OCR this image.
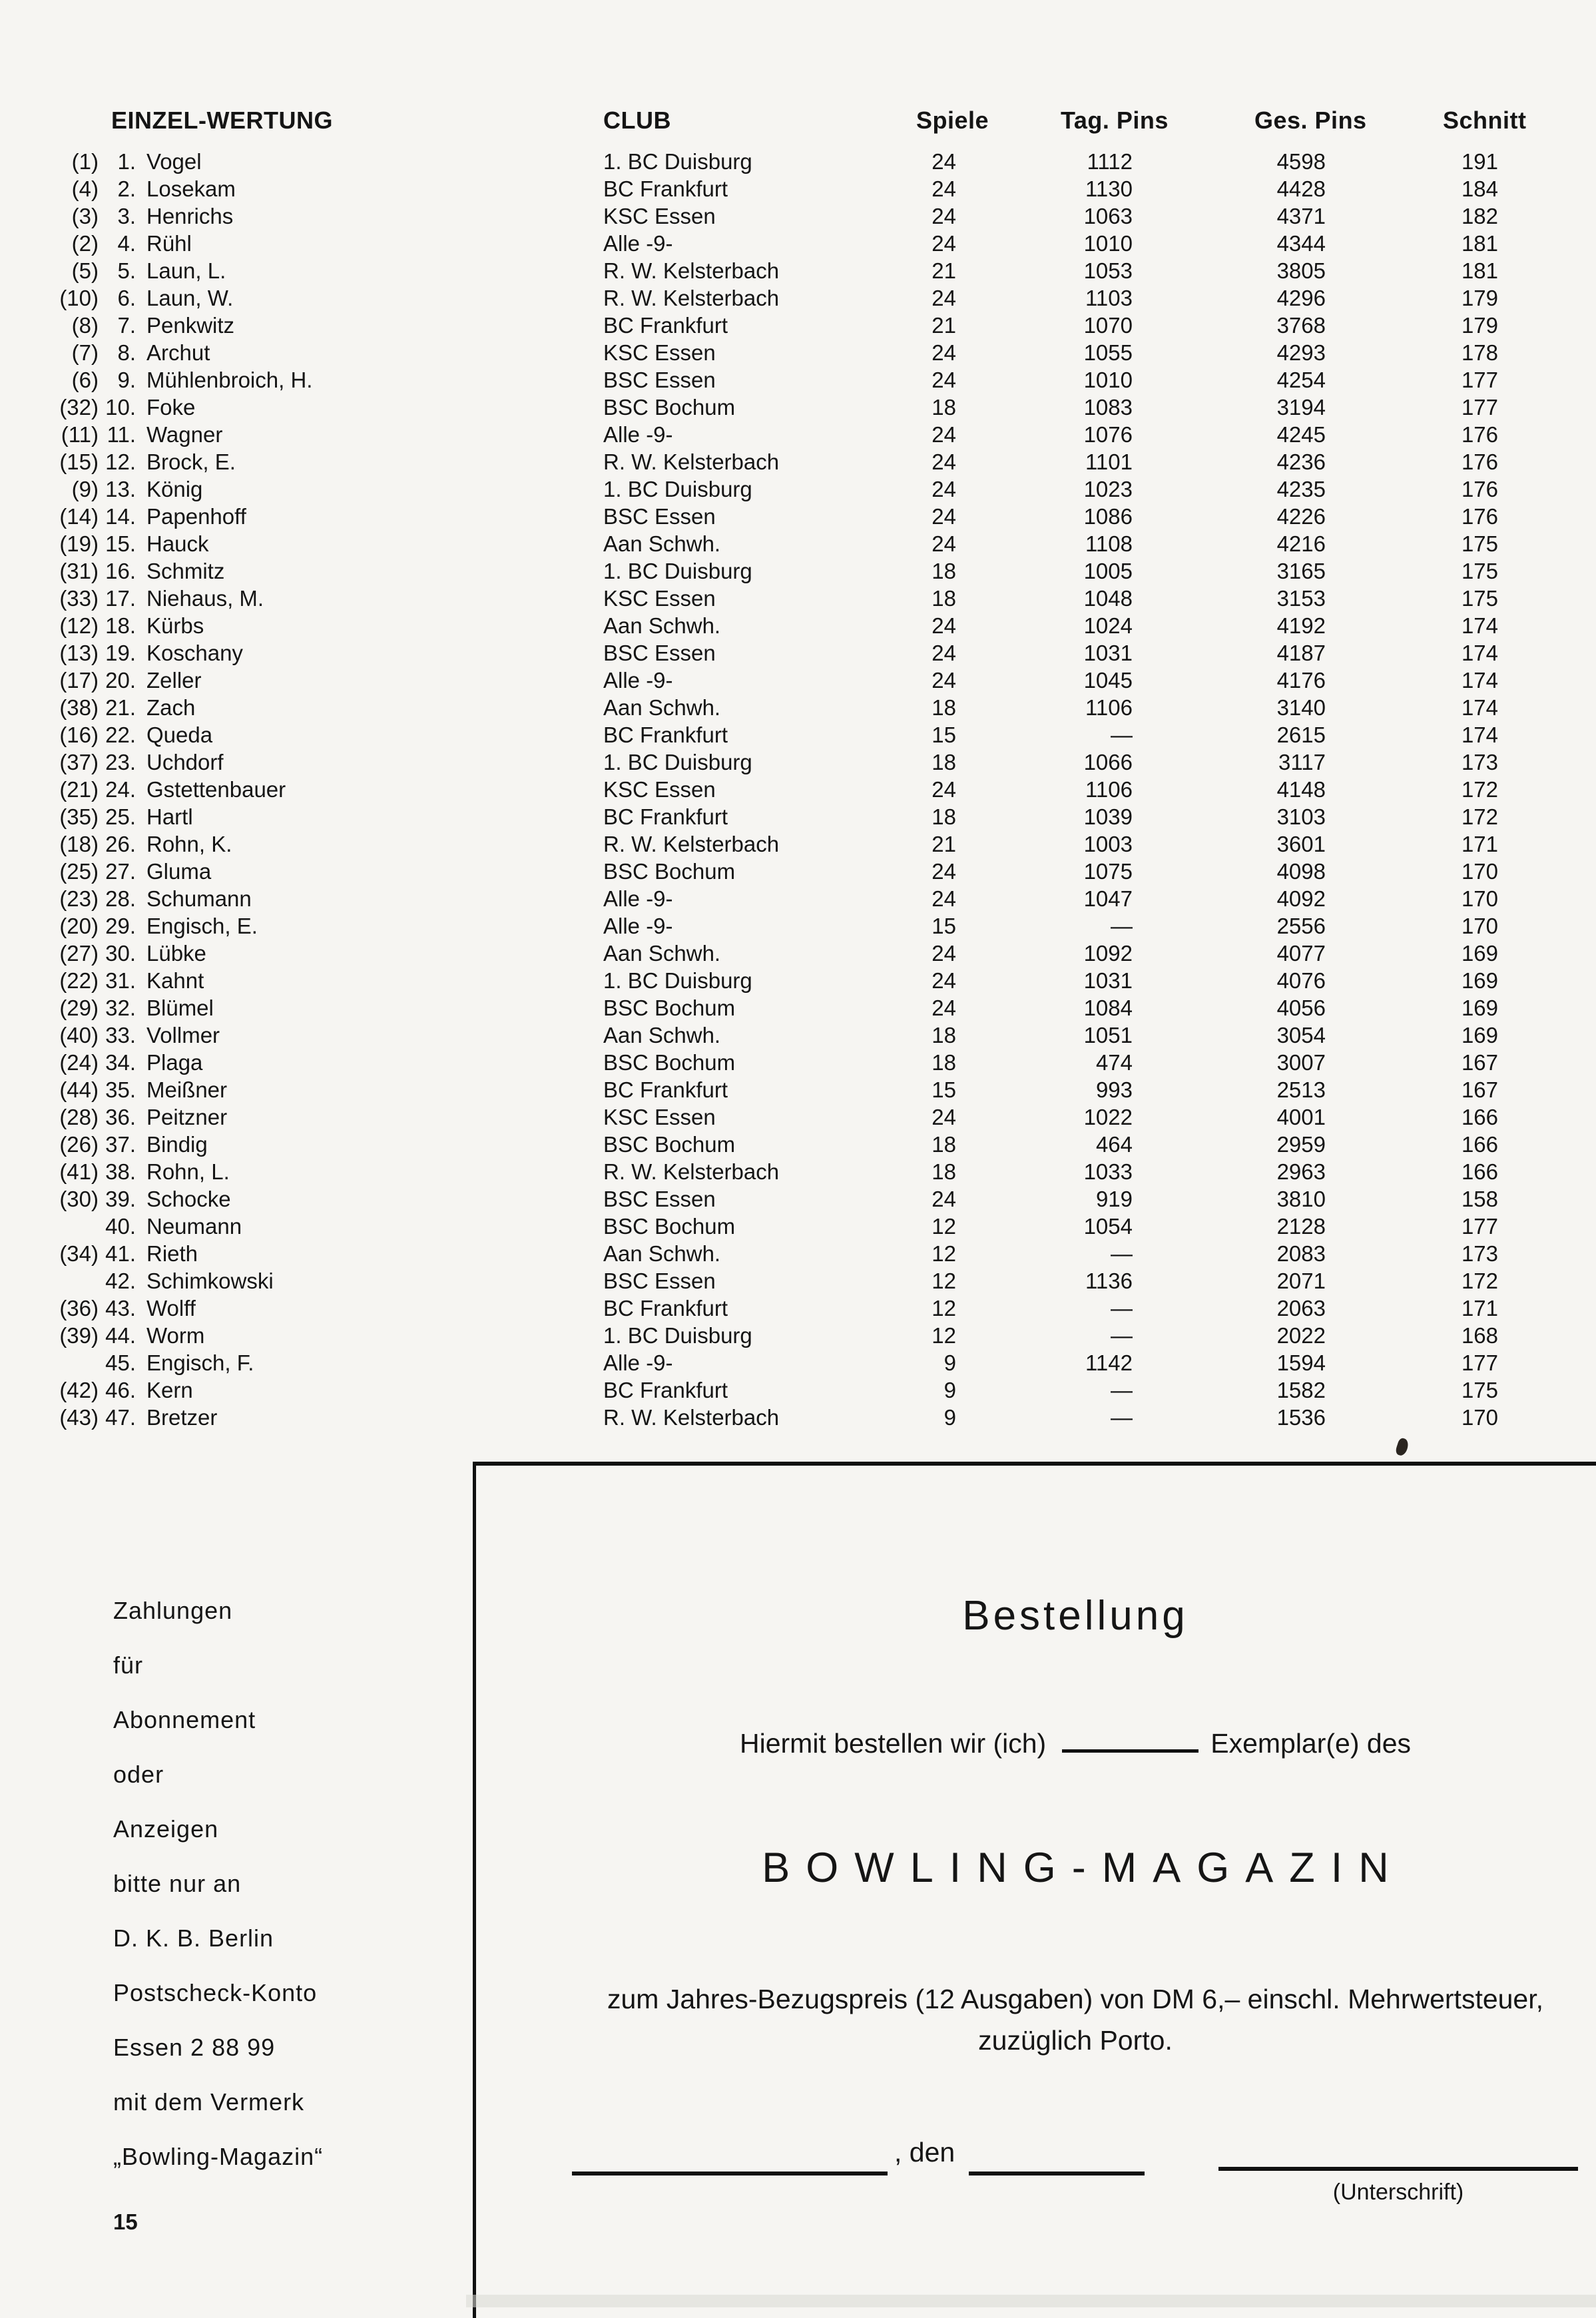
EINZEL-WERTUNG	CLUB	Spiele	Tag. Pins	Ges. Pins	Schnitt
(1) 1. Vogel	1. BC Duisburg	24	1112	4598	191
(4) 2. Losekam	BC Frankfurt	24	1130	4428	184
(3) 3. Henrichs	KSC Essen	24	1063	4371	182
(2) 4. Rühl	Alle -9-	24	1010	4344	181
(5) 5. Laun, L.	R. W. Kelsterbach	21	1053	3805	181
(10) 6. Laun, W.	R. W. Kelsterbach	24	1103	4296	179
(8) 7. Penkwitz	BC Frankfurt	21	1070	3768	179
(7) 8. Archut	KSC Essen	24	1055	4293	178
(6) 9. Mühlenbroich, H.	BSC Essen	24	1010	4254	177
(32) 10. Foke	BSC Bochum	18	1083	3194	177
(11) 11. Wagner	Alle -9-	24	1076	4245	176
(15) 12. Brock, E.	R. W. Kelsterbach	24	1101	4236	176
(9) 13. König	1. BC Duisburg	24	1023	4235	176
(14) 14. Papenhoff	BSC Essen	24	1086	4226	176
(19) 15. Hauck	Aan Schwh.	24	1108	4216	175
(31) 16. Schmitz	1. BC Duisburg	18	1005	3165	175
(33) 17. Niehaus, M.	KSC Essen	18	1048	3153	175
(12) 18. Kürbs	Aan Schwh.	24	1024	4192	174
(13) 19. Koschany	BSC Essen	24	1031	4187	174
(17) 20. Zeller	Alle -9-	24	1045	4176	174
(38) 21. Zach	Aan Schwh.	18	1106	3140	174
(16) 22. Queda	BC Frankfurt	15	—	2615	174
(37) 23. Uchdorf	1. BC Duisburg	18	1066	3117	173
(21) 24. Gstettenbauer	KSC Essen	24	1106	4148	172
(35) 25. Hartl	BC Frankfurt	18	1039	3103	172
(18) 26. Rohn, K.	R. W. Kelsterbach	21	1003	3601	171
(25) 27. Gluma	BSC Bochum	24	1075	4098	170
(23) 28. Schumann	Alle -9-	24	1047	4092	170
(20) 29. Engisch, E.	Alle -9-	15	—	2556	170
(27) 30. Lübke	Aan Schwh.	24	1092	4077	169
(22) 31. Kahnt	1. BC Duisburg	24	1031	4076	169
(29) 32. Blümel	BSC Bochum	24	1084	4056	169
(40) 33. Vollmer	Aan Schwh.	18	1051	3054	169
(24) 34. Plaga	BSC Bochum	18	474	3007	167
(44) 35. Meißner	BC Frankfurt	15	993	2513	167
(28) 36. Peitzner	KSC Essen	24	1022	4001	166
(26) 37. Bindig	BSC Bochum	18	464	2959	166
(41) 38. Rohn, L.	R. W. Kelsterbach	18	1033	2963	166
(30) 39. Schocke	BSC Essen	24	919	3810	158
40. Neumann	BSC Bochum	12	1054	2128	177
(34) 41. Rieth	Aan Schwh.	12	—	2083	173
42. Schimkowski	BSC Essen	12	1136	2071	172
(36) 43. Wolff	BC Frankfurt	12	—	2063	171
(39) 44. Worm	1. BC Duisburg	12	—	2022	168
45. Engisch, F.	Alle -9-	9	1142	1594	177
(42) 46. Kern	BC Frankfurt	9	—	1582	175
(43) 47. Bretzer	R. W. Kelsterbach	9	—	1536	170
Zahlungen
für
Abonnement
oder
Anzeigen
bitte nur an
D. K. B. Berlin
Postscheck-Konto
Essen 2 88 99
mit dem Vermerk
„Bowling-Magazin“
15
Bestellung
Hiermit bestellen wir (ich)	Exemplar(e) des
BOWLING-MAGAZIN
zum Jahres-Bezugspreis (12 Ausgaben) von DM 6,– einschl. Mehrwertsteuer,
zuzüglich Porto.
, den
(Unterschrift)
